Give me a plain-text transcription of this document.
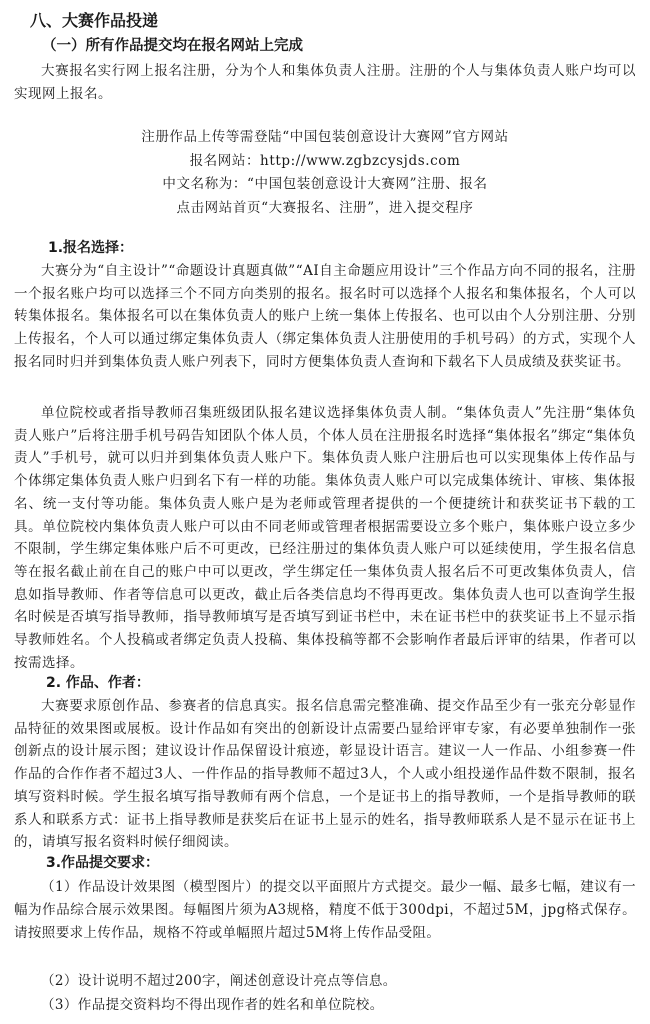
八、大赛作品投递
（一）所有作品提交均在报名网站上完成

大赛报名实行网上报名注册，分为个人和集体负责人注册。注册的个人与集体负责人账户均可以实现网上报名。

注册作品上传等需登陆“中国包装创意设计大赛网”官方网站
报名网站：http://www.zgbzcysjds.com
中文名称为：“中国包装创意设计大赛网”注册、报名
点击网站首页“大赛报名、注册”，进入提交程序
1.报名选择：

大赛分为“自主设计”“命题设计真题真做”“AI自主命题应用设计”三个作品方向不同的报名，注册一个报名账户均可以选择三个不同方向类别的报名。报名时可以选择个人报名和集体报名，个人可以转集体报名。集体报名可以在集体负责人的账户上统一集体上传报名、也可以由个人分别注册、分别上传报名，个人可以通过绑定集体负责人（绑定集体负责人注册使用的手机号码）的方式，实现个人报名同时归并到集体负责人账户列表下，同时方便集体负责人查询和下载名下人员成绩及获奖证书。

单位院校或者指导教师召集班级团队报名建议选择集体负责人制。“集体负责人”先注册“集体负责人账户”后将注册手机号码告知团队个体人员，个体人员在注册报名时选择“集体报名”绑定“集体负责人”手机号，就可以归并到集体负责人账户下。集体负责人账户注册后也可以实现集体上传作品与个体绑定集体负责人账户归到名下有一样的功能。集体负责人账户可以完成集体统计、审核、集体报名、统一支付等功能。集体负责人账户是为老师或管理者提供的一个便捷统计和获奖证书下载的工具。单位院校内集体负责人账户可以由不同老师或管理者根据需要设立多个账户，集体账户设立多少不限制，学生绑定集体账户后不可更改，已经注册过的集体负责人账户可以延续使用，学生报名信息等在报名截止前在自己的账户中可以更改，学生绑定任一集体负责人报名后不可更改集体负责人，信息如指导教师、作者等信息可以更改，截止后各类信息均不得再更改。集体负责人也可以查询学生报名时候是否填写指导教师，指导教师填写是否填写到证书栏中，未在证书栏中的获奖证书上不显示指导教师姓名。个人投稿或者绑定负责人投稿、集体投稿等都不会影响作者最后评审的结果，作者可以按需选择。

2. 作品、作者：

大赛要求原创作品、参赛者的信息真实。报名信息需完整准确、提交作品至少有一张充分彰显作品特征的效果图或展板。设计作品如有突出的创新设计点需要凸显给评审专家，有必要单独制作一张创新点的设计展示图；建议设计作品保留设计痕迹，彰显设计语言。建议一人一作品、小组参赛一件作品的合作作者不超过3人、一件作品的指导教师不超过3人，个人或小组投递作品件数不限制，报名填写资料时候。学生报名填写指导教师有两个信息，一个是证书上的指导教师，一个是指导教师的联系人和联系方式：证书上指导教师是获奖后在证书上显示的姓名，指导教师联系人是不显示在证书上的，请填写报名资料时候仔细阅读。

3.作品提交要求：

（1）作品设计效果图（模型图片）的提交以平面照片方式提交。最少一幅、最多七幅，建议有一幅为作品综合展示效果图。每幅图片须为A3规格，精度不低于300dpi，不超过5M，jpg格式保存。请按照要求上传作品，规格不符或单幅照片超过5M将上传作品受阻。

（2）设计说明不超过200字，阐述创意设计亮点等信息。

（3）作品提交资料均不得出现作者的姓名和单位院校。
